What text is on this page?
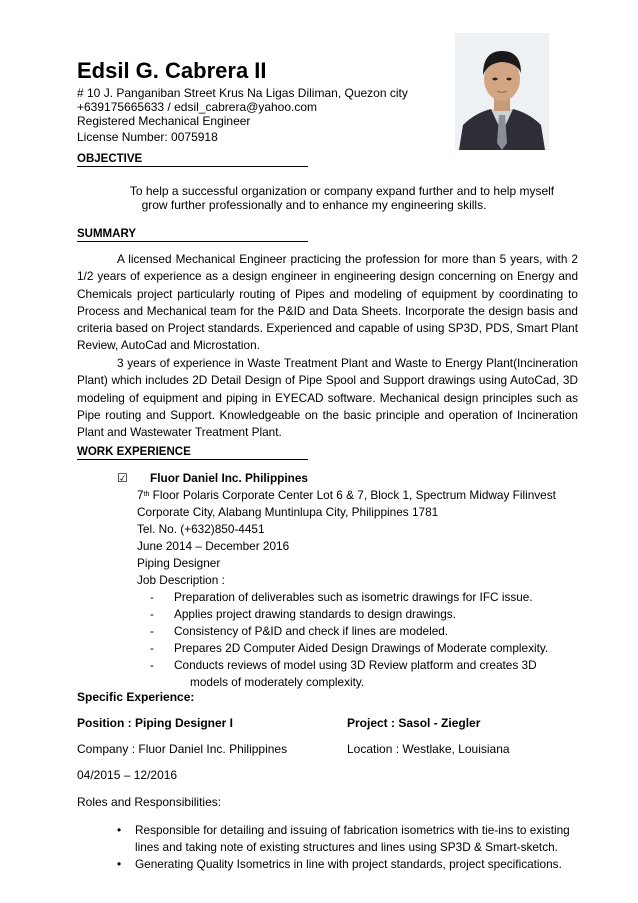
Edsil G. Cabrera II
# 10 J. Panganiban Street Krus Na Ligas Diliman, Quezon city
+639175665633 / edsil_cabrera@yahoo.com
Registered Mechanical Engineer
License Number: 0075918
OBJECTIVE
To help a successful organization or company expand further and to help myself
grow further professionally and to enhance my engineering skills.
SUMMARY
A licensed Mechanical Engineer practicing the profession for more than 5 years, with 2 1/2 years of experience as a design engineer in engineering design concerning on Energy and Chemicals project particularly routing of Pipes and modeling of equipment by coordinating to Process and Mechanical team for the P&ID and Data Sheets. Incorporate the design basis and criteria based on Project standards. Experienced and capable of using SP3D, PDS, Smart Plant Review, AutoCad and Microstation.
3 years of experience in Waste Treatment Plant and Waste to Energy Plant(Incineration Plant) which includes 2D Detail Design of Pipe Spool and Support drawings using AutoCad, 3D modeling of equipment and piping in EYECAD software. Mechanical design principles such as Pipe routing and Support. Knowledgeable on the basic principle and operation of Incineration Plant and Wastewater Treatment Plant.
WORK EXPERIENCE
☑ Fluor Daniel Inc. Philippines
7th Floor Polaris Corporate Center Lot 6 & 7, Block 1, Spectrum Midway Filinvest
Corporate City, Alabang Muntinlupa City, Philippines 1781
Tel. No. (+632)850-4451
June 2014 – December 2016
Piping Designer
Job Description :
-	Preparation of deliverables such as isometric drawings for IFC issue.
-	Applies project drawing standards to design drawings.
-	Consistency of P&ID and check if lines are modeled.
-	Prepares 2D Computer Aided Design Drawings of Moderate complexity.
-	Conducts reviews of model using 3D Review platform and creates 3D
models of moderately complexity.
Specific Experience:
Position : Piping Designer I	Project : Sasol - Ziegler
Company : Fluor Daniel Inc. Philippines	Location : Westlake, Louisiana
04/2015 – 12/2016
Roles and Responsibilities:
•	Responsible for detailing and issuing of fabrication isometrics with tie-ins to existing lines and taking note of existing structures and lines using SP3D & Smart-sketch.
•	Generating Quality Isometrics in line with project standards, project specifications.
